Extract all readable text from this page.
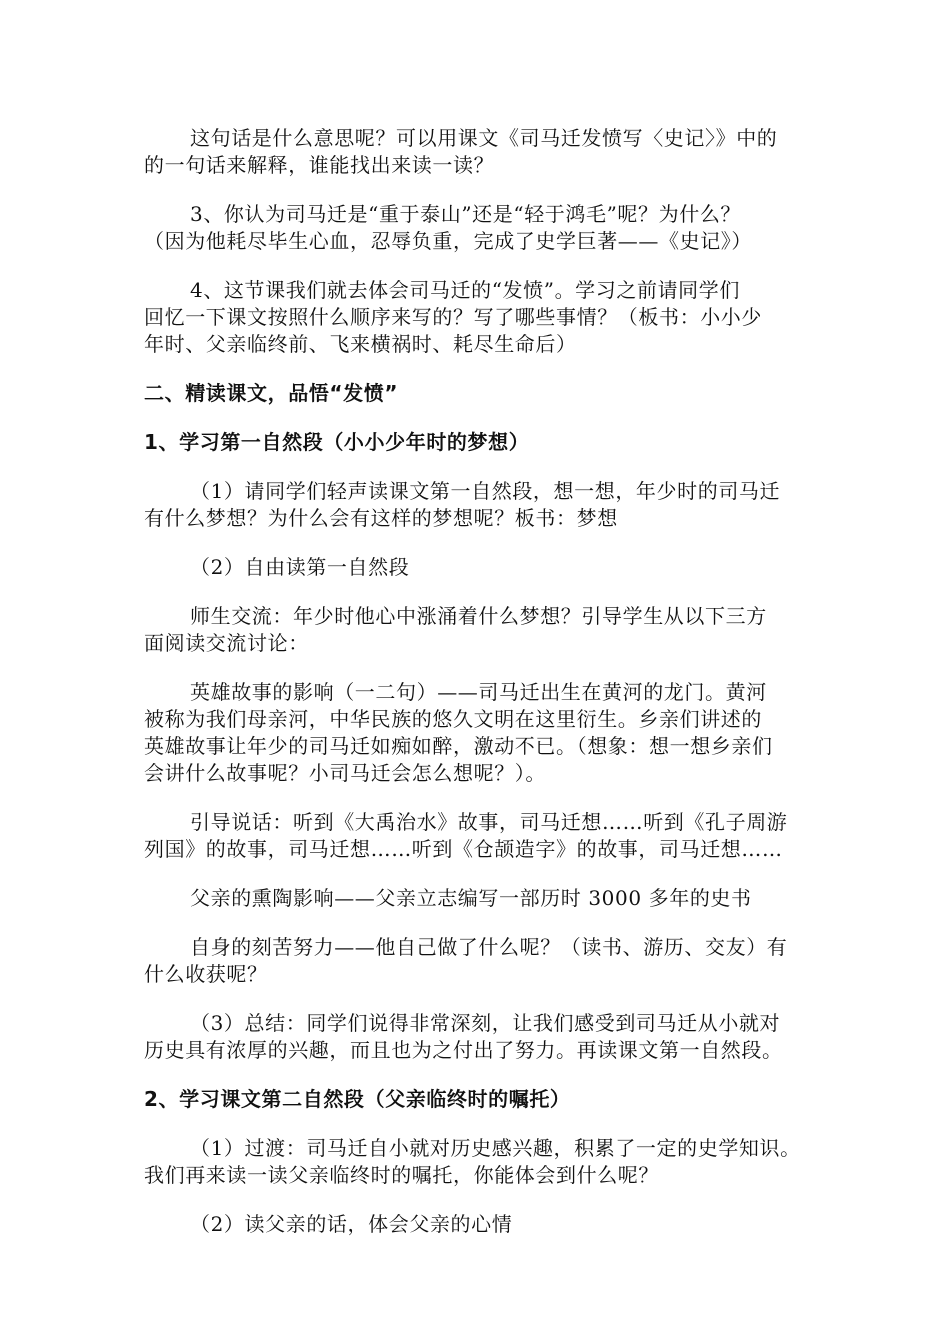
这句话是什么意思呢？可以用课文《司马迁发愤写〈史记〉》中的
的一句话来解释，谁能找出来读一读？

3、你认为司马迁是“重于泰山”还是“轻于鸿毛”呢？为什么？
（因为他耗尽毕生心血，忍辱负重，完成了史学巨著——《史记》）

4、这节课我们就去体会司马迁的“发愤”。学习之前请同学们
回忆一下课文按照什么顺序来写的？写了哪些事情？（板书：小小少
年时、父亲临终前、飞来横祸时、耗尽生命后）

二、精读课文，品悟“发愤”
1、学习第一自然段（小小少年时的梦想）

（1）请同学们轻声读课文第一自然段，想一想，年少时的司马迁
有什么梦想？为什么会有这样的梦想呢？板书：梦想

（2）自由读第一自然段

师生交流：年少时他心中涨涌着什么梦想？引导学生从以下三方
面阅读交流讨论：

英雄故事的影响（一二句）——司马迁出生在黄河的龙门。黄河
被称为我们母亲河，中华民族的悠久文明在这里衍生。乡亲们讲述的
英雄故事让年少的司马迁如痴如醉，激动不已。（想象：想一想乡亲们
会讲什么故事呢？小司马迁会怎么想呢？）。

引导说话：听到《大禹治水》故事，司马迁想……听到《孔子周游
列国》的故事，司马迁想……听到《仓颉造字》的故事，司马迁想……

父亲的熏陶影响——父亲立志编写一部历时 3000 多年的史书

自身的刻苦努力——他自己做了什么呢？（读书、游历、交友）有
什么收获呢？

（3）总结：同学们说得非常深刻，让我们感受到司马迁从小就对
历史具有浓厚的兴趣，而且也为之付出了努力。再读课文第一自然段。

2、学习课文第二自然段（父亲临终时的嘱托）

（1）过渡：司马迁自小就对历史感兴趣，积累了一定的史学知识。
我们再来读一读父亲临终时的嘱托，你能体会到什么呢？

（2）读父亲的话，体会父亲的心情
